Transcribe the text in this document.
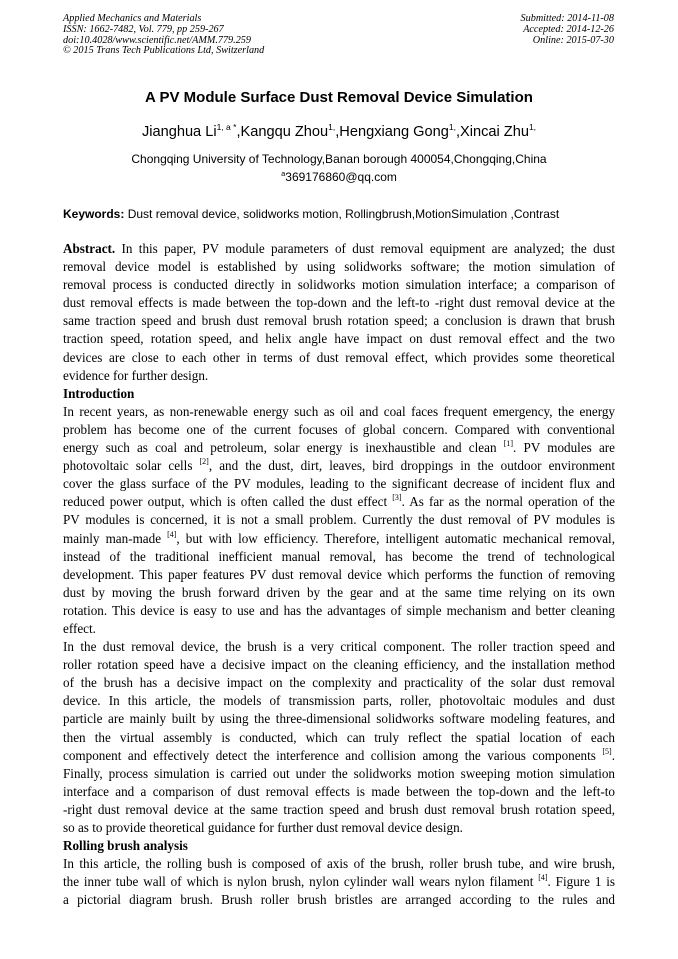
Applied Mechanics and Materials
ISSN: 1662-7482, Vol. 779, pp 259-267
doi:10.4028/www.scientific.net/AMM.779.259
© 2015 Trans Tech Publications Ltd, Switzerland
Submitted: 2014-11-08
Accepted: 2014-12-26
Online: 2015-07-30
A PV Module Surface Dust Removal Device Simulation
Jianghua $Li^{1, a *},Kangqu$ Zhou$^{1,}$,Hengxiang Gong$^{1,}$,Xincai Zhu$^{1,}$
Chongqing University of Technology,Banan borough 400054,Chongqing,China
$^a$369176860@qq.com
Keywords: Dust removal device, solidworks motion, Rollingbrush,MotionSimulation ,Contrast

Abstract. In this paper, PV module parameters of dust removal equipment are analyzed; the dust
removal device model is established by using solidworks software; the motion simulation of
removal process is conducted directly in solidworks motion simulation interface; a comparison of
dust removal effects is made between the top-down and the left-to -right dust removal device at the
same traction speed and brush dust removal brush rotation speed; a conclusion is drawn that brush
traction speed, rotation speed, and helix angle have impact on dust removal effect and the two
devices are close to each other in terms of dust removal effect, which provides some theoretical
evidence for further design.

Introduction

In recent years, as non-renewable energy such as oil and coal faces frequent emergency, the energy
problem has become one of the current focuses of global concern. Compared with conventional
energy such as coal and petroleum, solar energy is inexhaustible and clean [1]. PV modules are
photovoltaic solar cells [2], and the dust, dirt, leaves, bird droppings in the outdoor environment
cover the glass surface of the PV modules, leading to the significant decrease of incident flux and
reduced power output, which is often called the dust effect [3]. As far as the normal operation of the
PV modules is concerned, it is not a small problem. Currently the dust removal of PV modules is
mainly man-made [4], but with low efficiency. Therefore, intelligent automatic mechanical removal,
instead of the traditional inefficient manual removal, has become the trend of technological
development. This paper features PV dust removal device which performs the function of removing
dust by moving the brush forward driven by the gear and at the same time relying on its own
rotation. This device is easy to use and has the advantages of simple mechanism and better cleaning
effect.

In the dust removal device, the brush is a very critical component. The roller traction speed and
roller rotation speed have a decisive impact on the cleaning efficiency, and the installation method
of the brush has a decisive impact on the complexity and practicality of the solar dust removal
device. In this article, the models of transmission parts, roller, photovoltaic modules and dust
particle are mainly built by using the three-dimensional solidworks software modeling features, and
then the virtual assembly is conducted, which can truly reflect the spatial location of each
component and effectively detect the interference and collision among the various components [5].
Finally, process simulation is carried out under the solidworks motion sweeping motion simulation
interface and a comparison of dust removal effects is made between the top-down and the left-to
-right dust removal device at the same traction speed and brush dust removal brush rotation speed,
so as to provide theoretical guidance for further dust removal device design.

Rolling brush analysis

In this article, the rolling bush is composed of axis of the brush, roller brush tube, and wire brush,
the inner tube wall of which is nylon brush, nylon cylinder wall wears nylon filament [4]. Figure 1 is
a pictorial diagram brush. Brush roller brush bristles are arranged according to the rules and
